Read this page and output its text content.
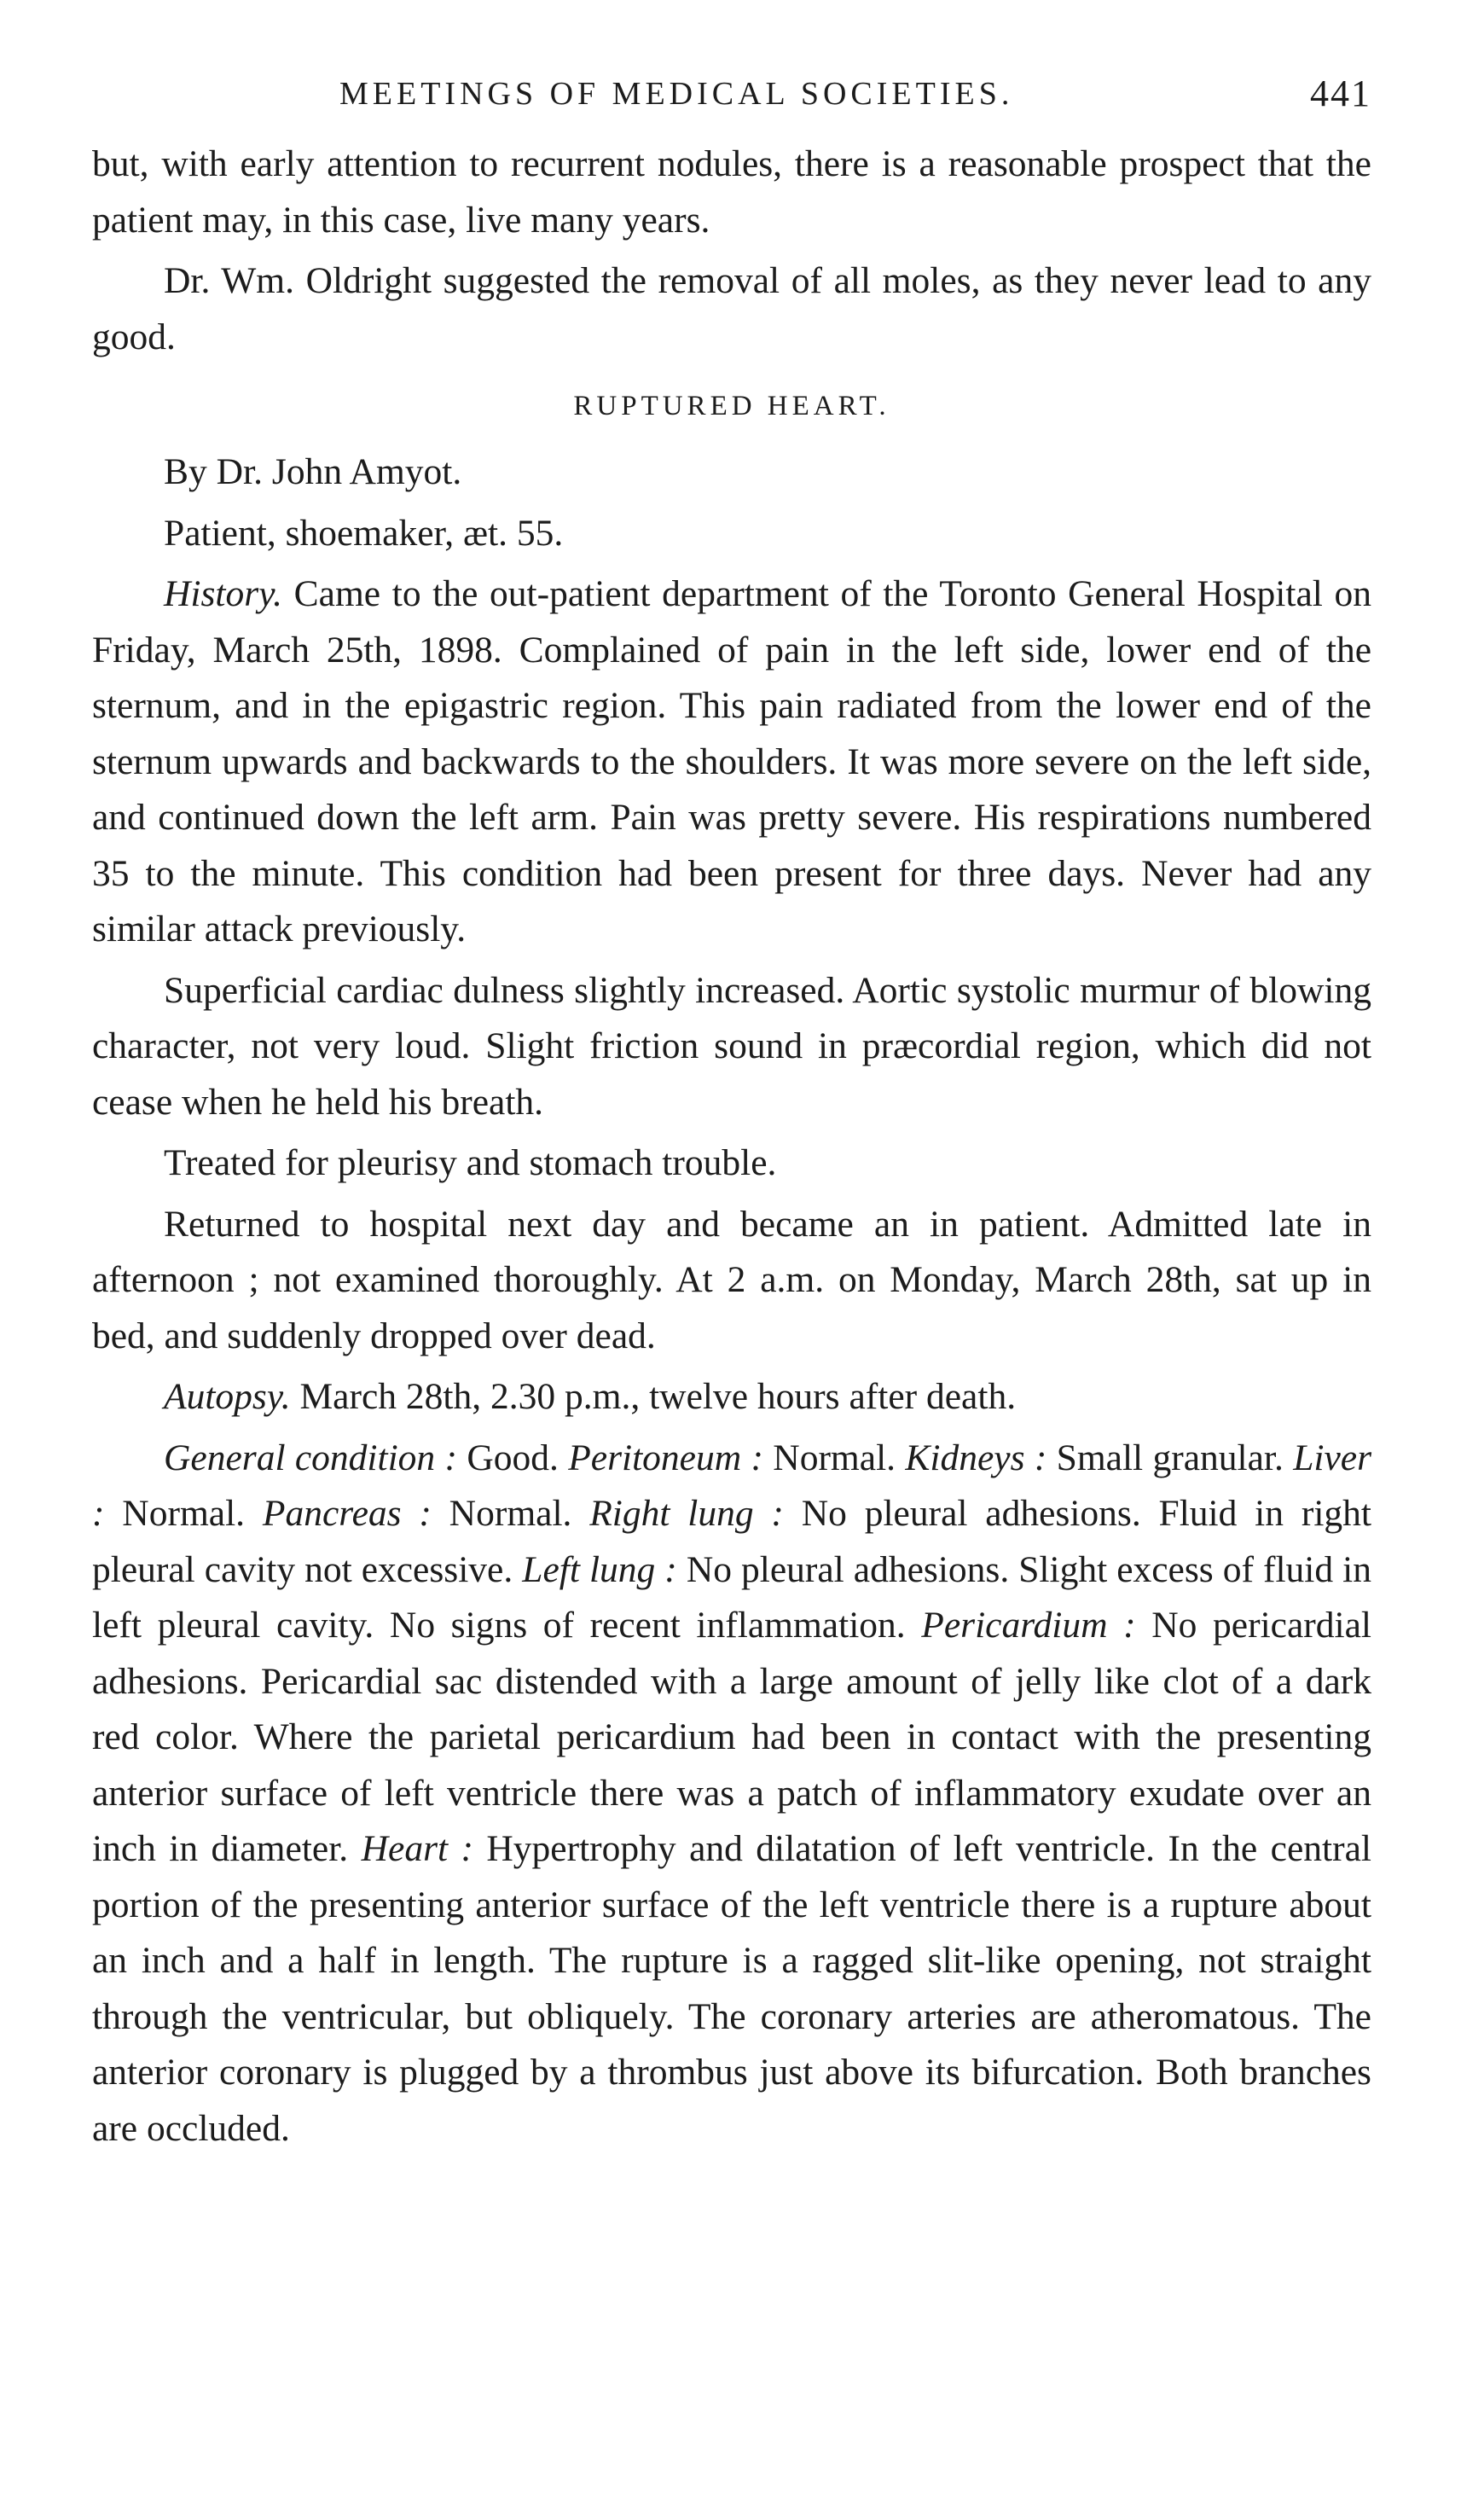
MEETINGS OF MEDICAL SOCIETIES.	441

but, with early attention to recurrent nodules, there is a reasonable prospect that the patient may, in this case, live many years.

Dr. Wm. Oldright suggested the removal of all moles, as they never lead to any good.

RUPTURED HEART.

By Dr. John Amyot.

Patient, shoemaker, æt. 55.

History. Came to the out-patient department of the Toronto General Hospital on Friday, March 25th, 1898. Complained of pain in the left side, lower end of the sternum, and in the epigastric region. This pain radiated from the lower end of the sternum upwards and backwards to the shoulders. It was more severe on the left side, and continued down the left arm. Pain was pretty severe. His respirations numbered 35 to the minute. This condition had been present for three days. Never had any similar attack previously.

Superficial cardiac dulness slightly increased. Aortic systolic murmur of blowing character, not very loud. Slight friction sound in præcordial region, which did not cease when he held his breath.

Treated for pleurisy and stomach trouble.

Returned to hospital next day and became an in patient. Admitted late in afternoon ; not examined thoroughly. At 2 a.m. on Monday, March 28th, sat up in bed, and suddenly dropped over dead.

Autopsy. March 28th, 2.30 p.m., twelve hours after death.

General condition : Good. Peritoneum : Normal. Kidneys : Small granular. Liver : Normal. Pancreas : Normal. Right lung : No pleural adhesions. Fluid in right pleural cavity not excessive. Left lung : No pleural adhesions. Slight excess of fluid in left pleural cavity. No signs of recent inflammation. Pericardium : No pericardial adhesions. Pericardial sac distended with a large amount of jelly like clot of a dark red color. Where the parietal pericardium had been in contact with the presenting anterior surface of left ventricle there was a patch of inflammatory exudate over an inch in diameter. Heart : Hypertrophy and dilatation of left ventricle. In the central portion of the presenting anterior surface of the left ventricle there is a rupture about an inch and a half in length. The rupture is a ragged slit-like opening, not straight through the ventricular, but obliquely. The coronary arteries are atheromatous. The anterior coronary is plugged by a thrombus just above its bifurcation. Both branches are occluded.
